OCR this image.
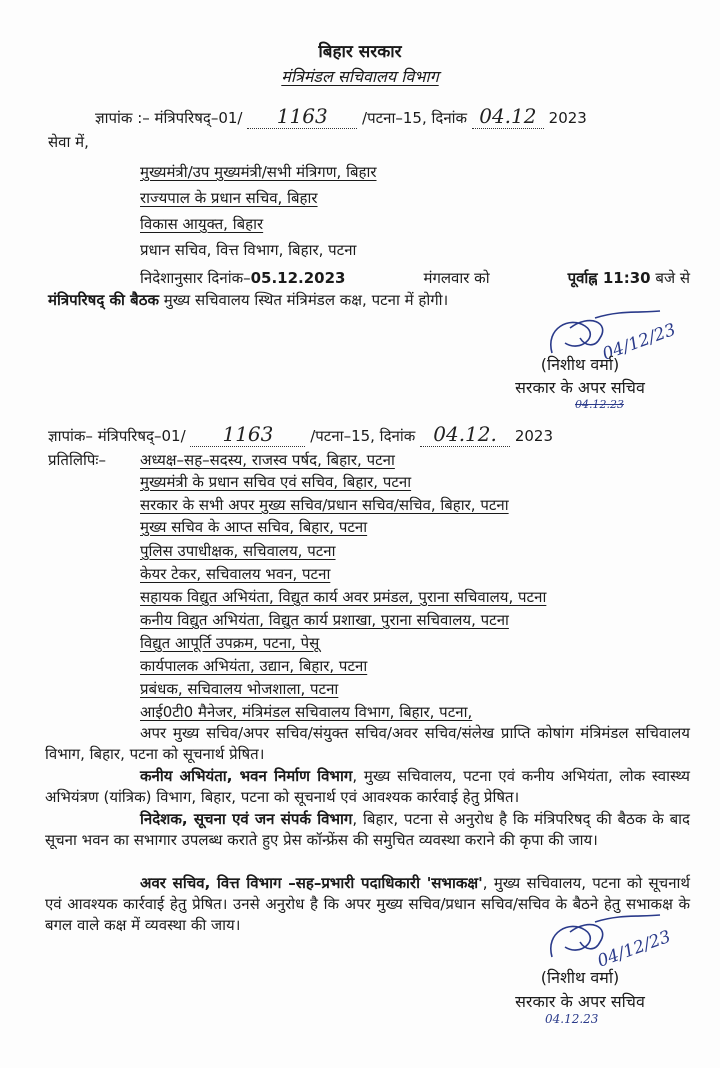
बिहार सरकार
मंत्रिमंडल सचिवालय विभाग
ज्ञापांक :– मंत्रिपरिषद्–01/ 1163 /पटना–15, दिनांक 04.12 2023
सेवा में,
मुख्यमंत्री/उप मुख्यमंत्री/सभी मंत्रिगण, बिहार
राज्यपाल के प्रधान सचिव, बिहार
विकास आयुक्त, बिहार
प्रधान सचिव, वित्त विभाग, बिहार, पटना
निदेशानुसार दिनांक–05.12.2023	मंगलवार को	पूर्वाह्न 11:30 बजे से
मंत्रिपरिषद् की बैठक मुख्य सचिवालय स्थित मंत्रिमंडल कक्ष, पटना में होगी।
04/12/23
(निशीथ वर्मा)
सरकार के अपर सचिव
04.12.23
ज्ञापांक– मंत्रिपरिषद्–01/ 1163 /पटना–15, दिनांक 04.12. 2023
प्रतिलिपिः– अध्यक्ष–सह–सदस्य, राजस्व पर्षद, बिहार, पटना
मुख्यमंत्री के प्रधान सचिव एवं सचिव, बिहार, पटना
सरकार के सभी अपर मुख्य सचिव/प्रधान सचिव/सचिव, बिहार, पटना
मुख्य सचिव के आप्त सचिव, बिहार, पटना
पुलिस उपाधीक्षक, सचिवालय, पटना
केयर टेकर, सचिवालय भवन, पटना
सहायक विद्युत अभियंता, विद्युत कार्य अवर प्रमंडल, पुराना सचिवालय, पटना
कनीय विद्युत अभियंता, विद्युत कार्य प्रशाखा, पुराना सचिवालय, पटना
विद्युत आपूर्ति उपक्रम, पटना, पेसू
कार्यपालक अभियंता, उद्यान, बिहार, पटना
प्रबंधक, सचिवालय भोजशाला, पटना
आई0टी0 मैनेजर, मंत्रिमंडल सचिवालय विभाग, बिहार, पटना,
अपर मुख्य सचिव/अपर सचिव/संयुक्त सचिव/अवर सचिव/संलेख प्राप्ति कोषांग मंत्रिमंडल सचिवालय विभाग, बिहार, पटना को सूचनार्थ प्रेषित।
कनीय अभियंता, भवन निर्माण विभाग, मुख्य सचिवालय, पटना एवं कनीय अभियंता, लोक स्वास्थ्य अभियंत्रण (यांत्रिक) विभाग, बिहार, पटना को सूचनार्थ एवं आवश्यक कार्रवाई हेतु प्रेषित।
निदेशक, सूचना एवं जन संपर्क विभाग, बिहार, पटना से अनुरोध है कि मंत्रिपरिषद् की बैठक के बाद सूचना भवन का सभागार उपलब्ध कराते हुए प्रेस कॉन्फ्रेंस की समुचित व्यवस्था कराने की कृपा की जाय।
अवर सचिव, वित्त विभाग –सह–प्रभारी पदाधिकारी 'सभाकक्ष', मुख्य सचिवालय, पटना को सूचनार्थ एवं आवश्यक कार्रवाई हेतु प्रेषित। उनसे अनुरोध है कि अपर मुख्य सचिव/प्रधान सचिव/सचिव के बैठने हेतु सभाकक्ष के बगल वाले कक्ष में व्यवस्था की जाय।
04/12/23
(निशीथ वर्मा)
सरकार के अपर सचिव
04.12.23
